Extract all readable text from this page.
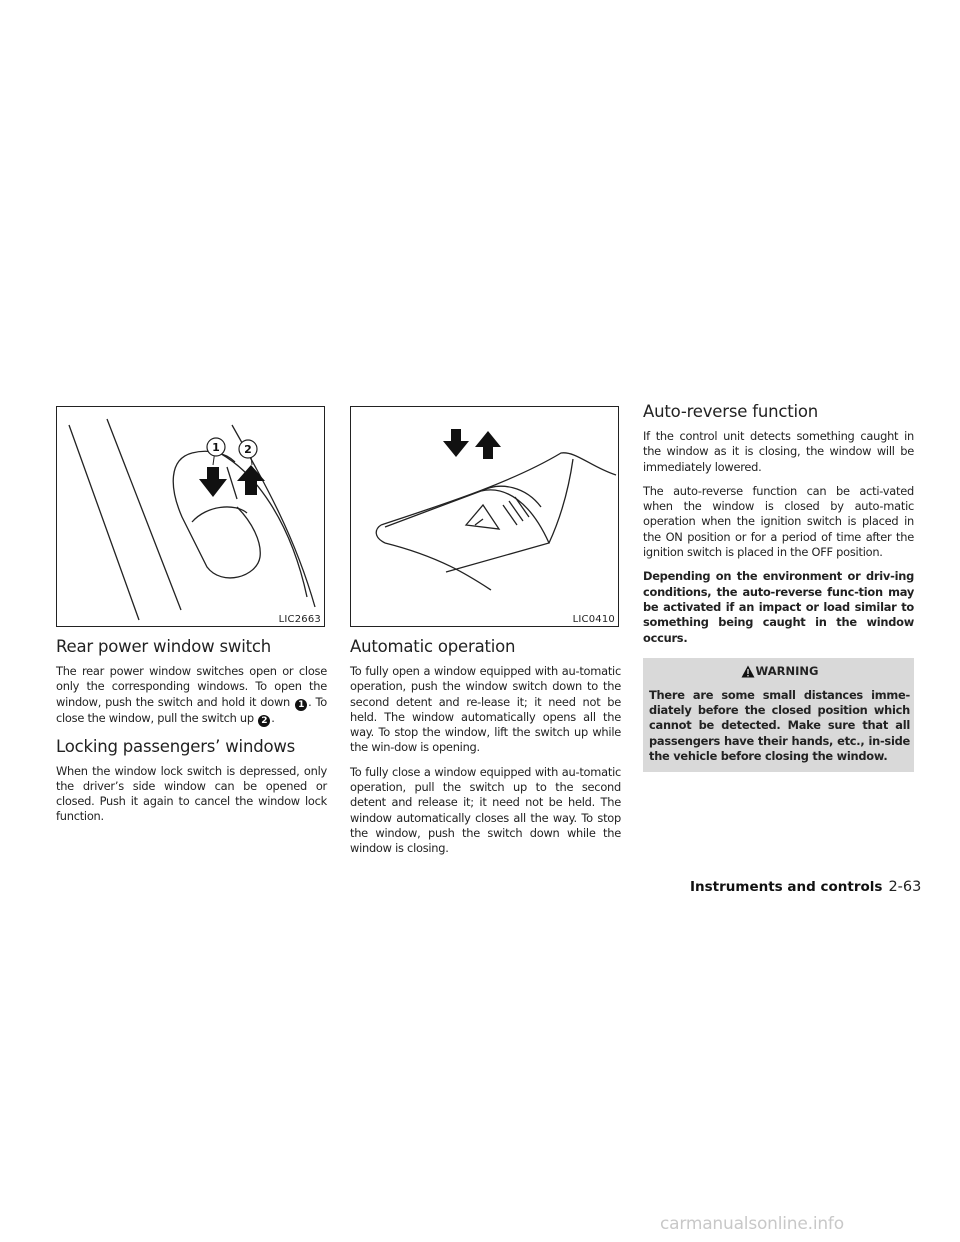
1 2
LIC2663
Rear power window switch

The rear power window switches open or close only the corresponding windows. To open the window, push the switch and hold it down 1 . To close the window, pull the switch up 2 .

Locking passengers’ windows

When the window lock switch is depressed, only the driver’s side window can be opened or closed. Push it again to cancel the window lock function.

LIC0410
Automatic operation

To fully open a window equipped with au-tomatic operation, push the window switch down to the second detent and re-lease it; it need not be held. The window automatically opens all the way. To stop the window, lift the switch up while the win-dow is opening.

To fully close a window equipped with au-tomatic operation, pull the switch up to the second detent and release it; it need not be held. The window automatically closes all the way. To stop the window, push the switch down while the window is closing.

Auto-reverse function

If the control unit detects something caught in the window as it is closing, the window will be immediately lowered.

The auto-reverse function can be acti-vated when the window is closed by auto-matic operation when the ignition switch is placed in the ON position or for a period of time after the ignition switch is placed in the OFF position.

Depending on the environment or driv-ing conditions, the auto-reverse func-tion may be activated if an impact or load similar to something being caught in the window occurs.

WARNING

There are some small distances imme-diately before the closed position which cannot be detected. Make sure that all passengers have their hands, etc., in-side the vehicle before closing the window.

Instruments and controls 2-63
carmanualsonline.info
